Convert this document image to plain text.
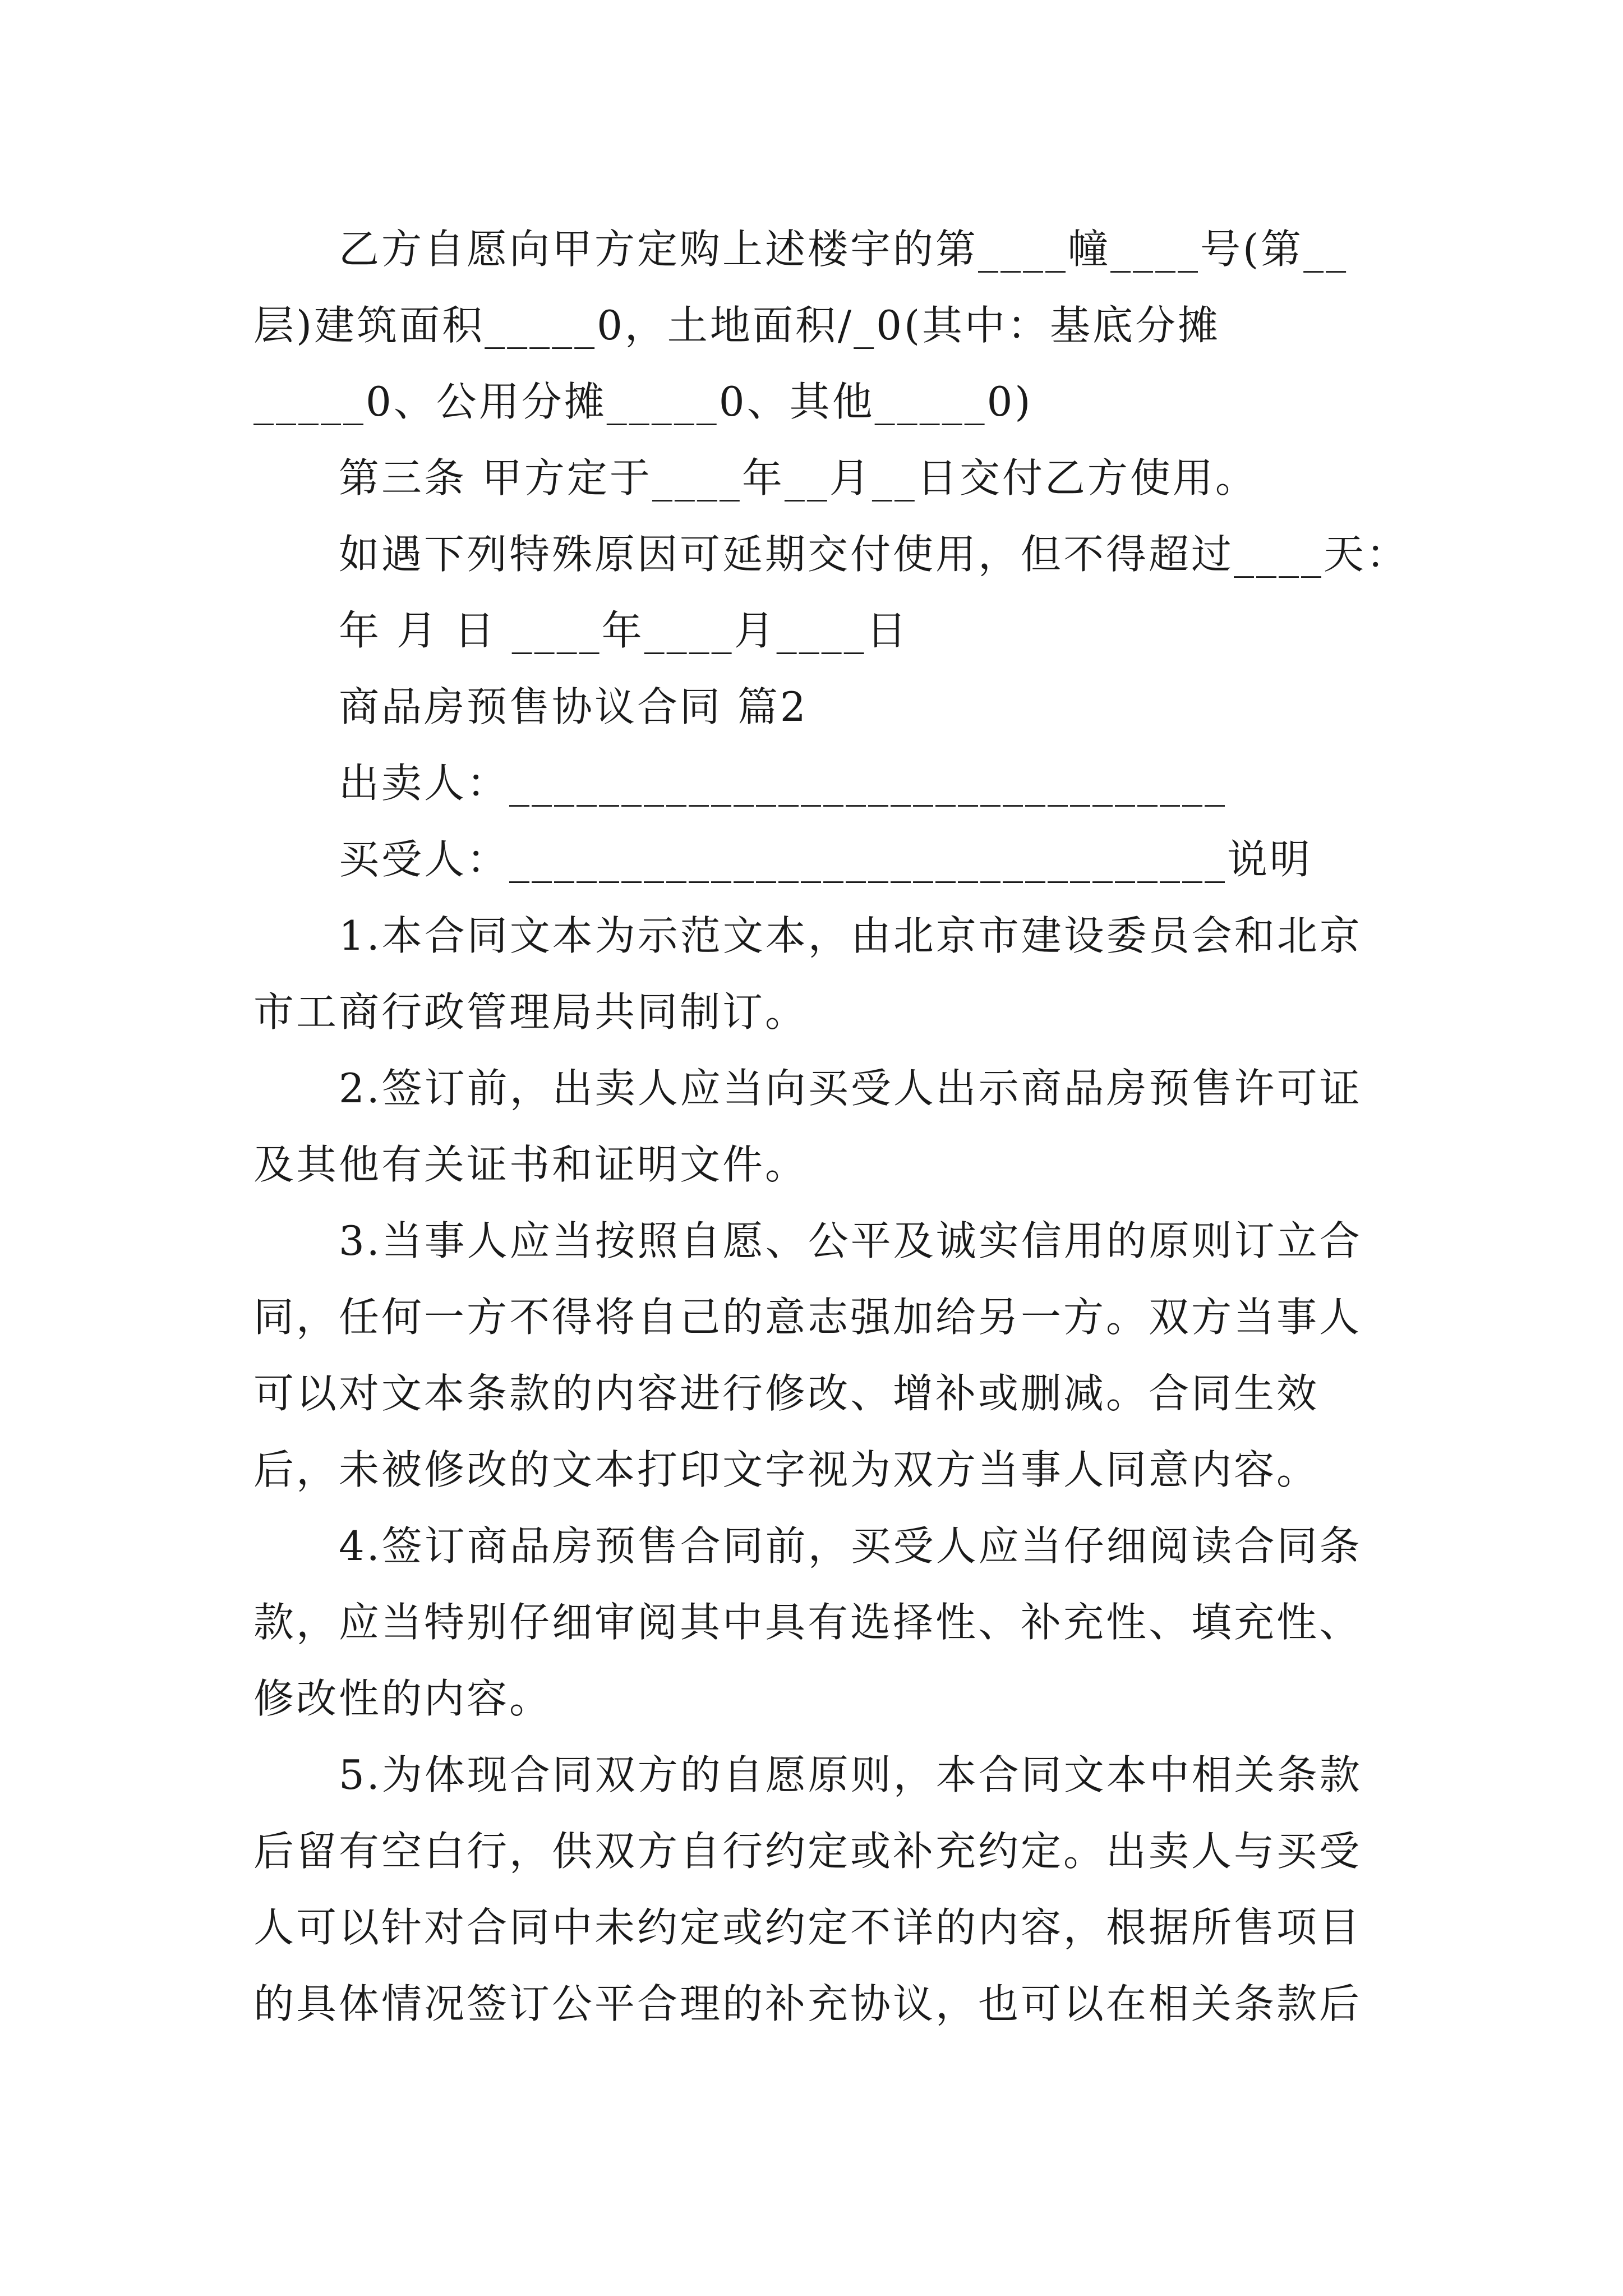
乙方自愿向甲方定购上述楼宇的第____幢____号(第__层)建筑面积_____0，土地面积/_0(其中：基底分摊_____0、公用分摊_____0、其他_____0)

第三条 甲方定于____年__月__日交付乙方使用。

如遇下列特殊原因可延期交付使用，但不得超过____天：

年 月 日 ____年____月____日

商品房预售协议合同 篇2

出卖人：________________________________

买受人：________________________________说明

1.本合同文本为示范文本，由北京市建设委员会和北京市工商行政管理局共同制订。

2.签订前，出卖人应当向买受人出示商品房预售许可证及其他有关证书和证明文件。

3.当事人应当按照自愿、公平及诚实信用的原则订立合同，任何一方不得将自己的意志强加给另一方。双方当事人可以对文本条款的内容进行修改、增补或删减。合同生效后，未被修改的文本打印文字视为双方当事人同意内容。

4.签订商品房预售合同前，买受人应当仔细阅读合同条款，应当特别仔细审阅其中具有选择性、补充性、填充性、修改性的内容。

5.为体现合同双方的自愿原则，本合同文本中相关条款后留有空白行，供双方自行约定或补充约定。出卖人与买受人可以针对合同中未约定或约定不详的内容，根据所售项目的具体情况签订公平合理的补充协议，也可以在相关条款后
